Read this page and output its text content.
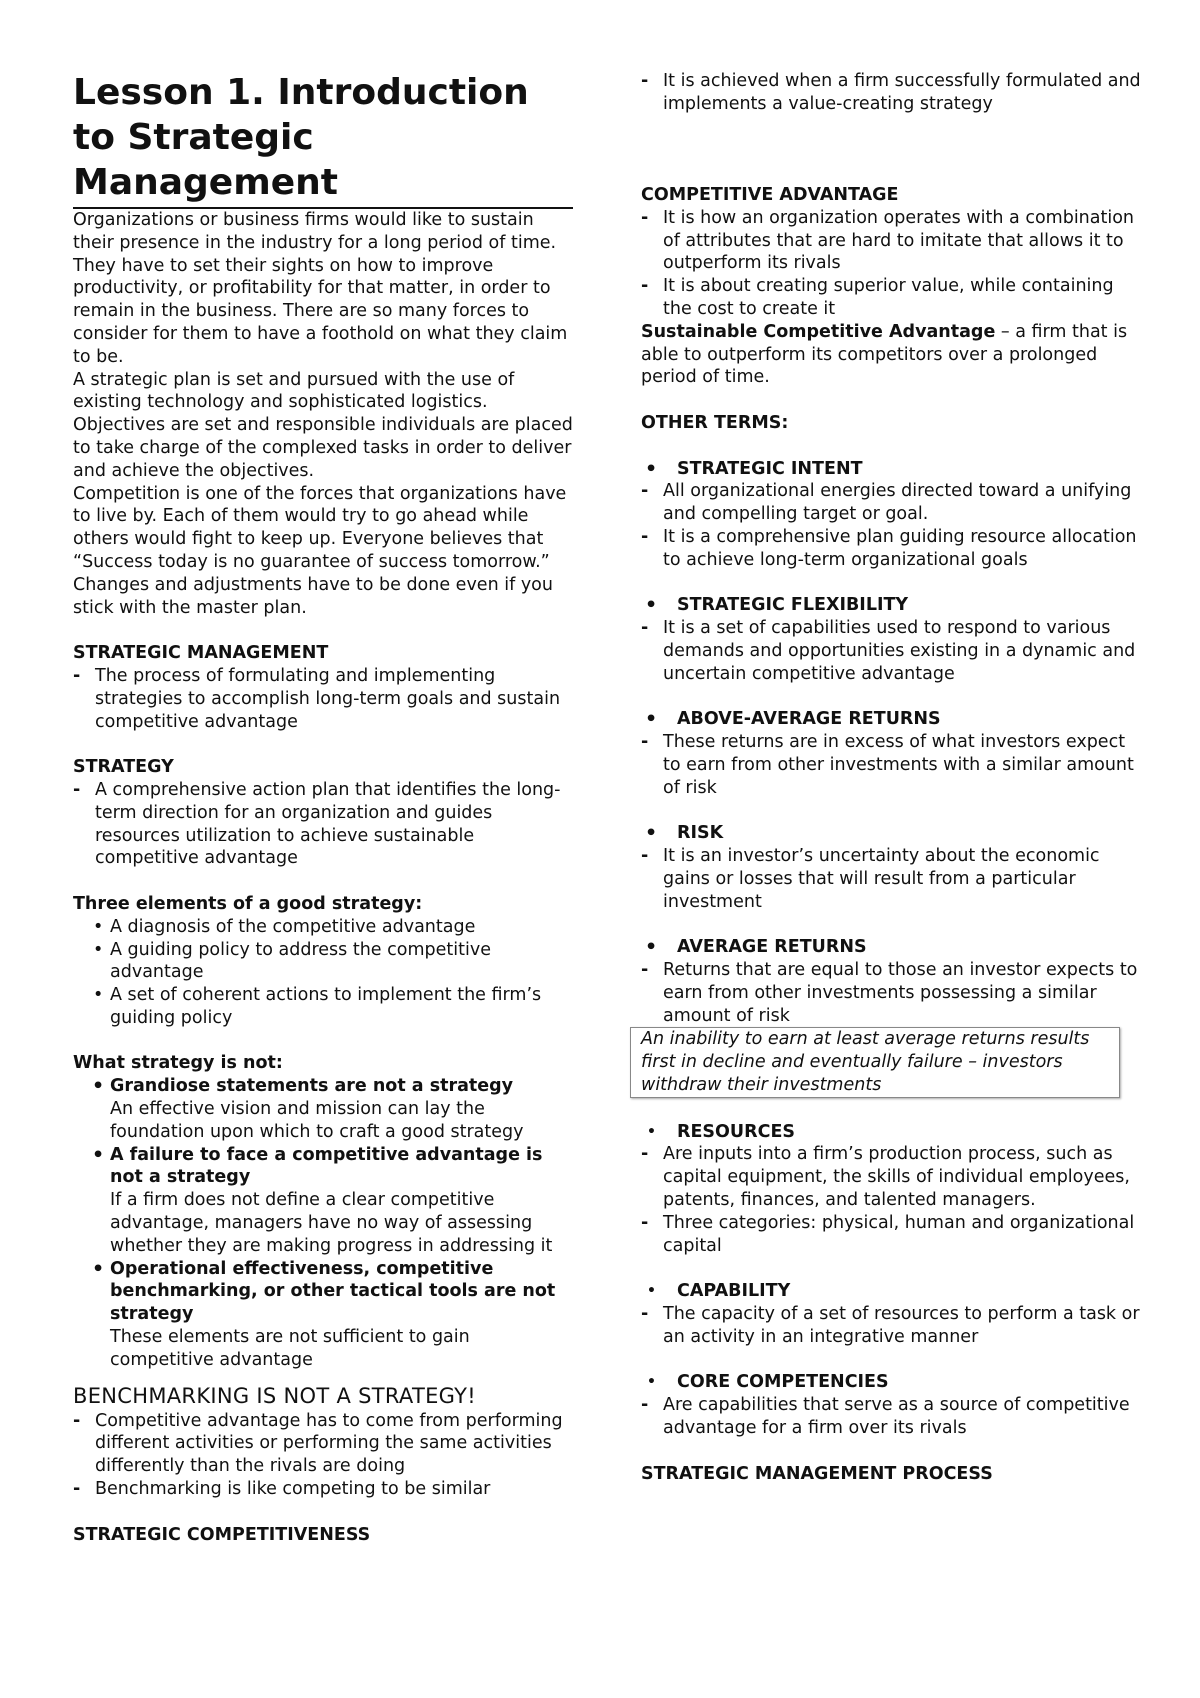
Lesson 1. Introduction to Strategic Management

Organizations or business firms would like to sustain their presence in the industry for a long period of time. They have to set their sights on how to improve productivity, or profitability for that matter, in order to remain in the business. There are so many forces to consider for them to have a foothold on what they claim to be.

A strategic plan is set and pursued with the use of existing technology and sophisticated logistics. Objectives are set and responsible individuals are placed to take charge of the complexed tasks in order to deliver and achieve the objectives.

Competition is one of the forces that organizations have to live by. Each of them would try to go ahead while others would fight to keep up. Everyone believes that “Success today is no guarantee of success tomorrow.” Changes and adjustments have to be done even if you stick with the master plan.

STRATEGIC MANAGEMENT

- The process of formulating and implementing strategies to accomplish long-term goals and sustain competitive advantage

STRATEGY

- A comprehensive action plan that identifies the long-term direction for an organization and guides resources utilization to achieve sustainable competitive advantage

Three elements of a good strategy:

• A diagnosis of the competitive advantage
• A guiding policy to address the competitive advantage
• A set of coherent actions to implement the firm’s guiding policy

What strategy is not:

• Grandiose statements are not a strategy
An effective vision and mission can lay the foundation upon which to craft a good strategy
• A failure to face a competitive advantage is not a strategy
If a firm does not define a clear competitive advantage, managers have no way of assessing whether they are making progress in addressing it
• Operational effectiveness, competitive benchmarking, or other tactical tools are not strategy
These elements are not sufficient to gain competitive advantage

BENCHMARKING IS NOT A STRATEGY!

- Competitive advantage has to come from performing different activities or performing the same activities differently than the rivals are doing
- Benchmarking is like competing to be similar

STRATEGIC COMPETITIVENESS

- It is achieved when a firm successfully formulated and implements a value-creating strategy

COMPETITIVE ADVANTAGE

- It is how an organization operates with a combination of attributes that are hard to imitate that allows it to outperform its rivals
- It is about creating superior value, while containing the cost to create it

Sustainable Competitive Advantage – a firm that is able to outperform its competitors over a prolonged period of time.

OTHER TERMS:

• STRATEGIC INTENT
- All organizational energies directed toward a unifying and compelling target or goal.
- It is a comprehensive plan guiding resource allocation to achieve long-term organizational goals
• STRATEGIC FLEXIBILITY
- It is a set of capabilities used to respond to various demands and opportunities existing in a dynamic and uncertain competitive advantage
• ABOVE-AVERAGE RETURNS
- These returns are in excess of what investors expect to earn from other investments with a similar amount of risk
• RISK
- It is an investor’s uncertainty about the economic gains or losses that will result from a particular investment
• AVERAGE RETURNS
- Returns that are equal to those an investor expects to earn from other investments possessing a similar amount of risk
An inability to earn at least average returns results first in decline and eventually failure – investors withdraw their investments
• RESOURCES
- Are inputs into a firm’s production process, such as capital equipment, the skills of individual employees, patents, finances, and talented managers.
- Three categories: physical, human and organizational capital
• CAPABILITY
- The capacity of a set of resources to perform a task or an activity in an integrative manner
• CORE COMPETENCIES
- Are capabilities that serve as a source of competitive advantage for a firm over its rivals

STRATEGIC MANAGEMENT PROCESS
